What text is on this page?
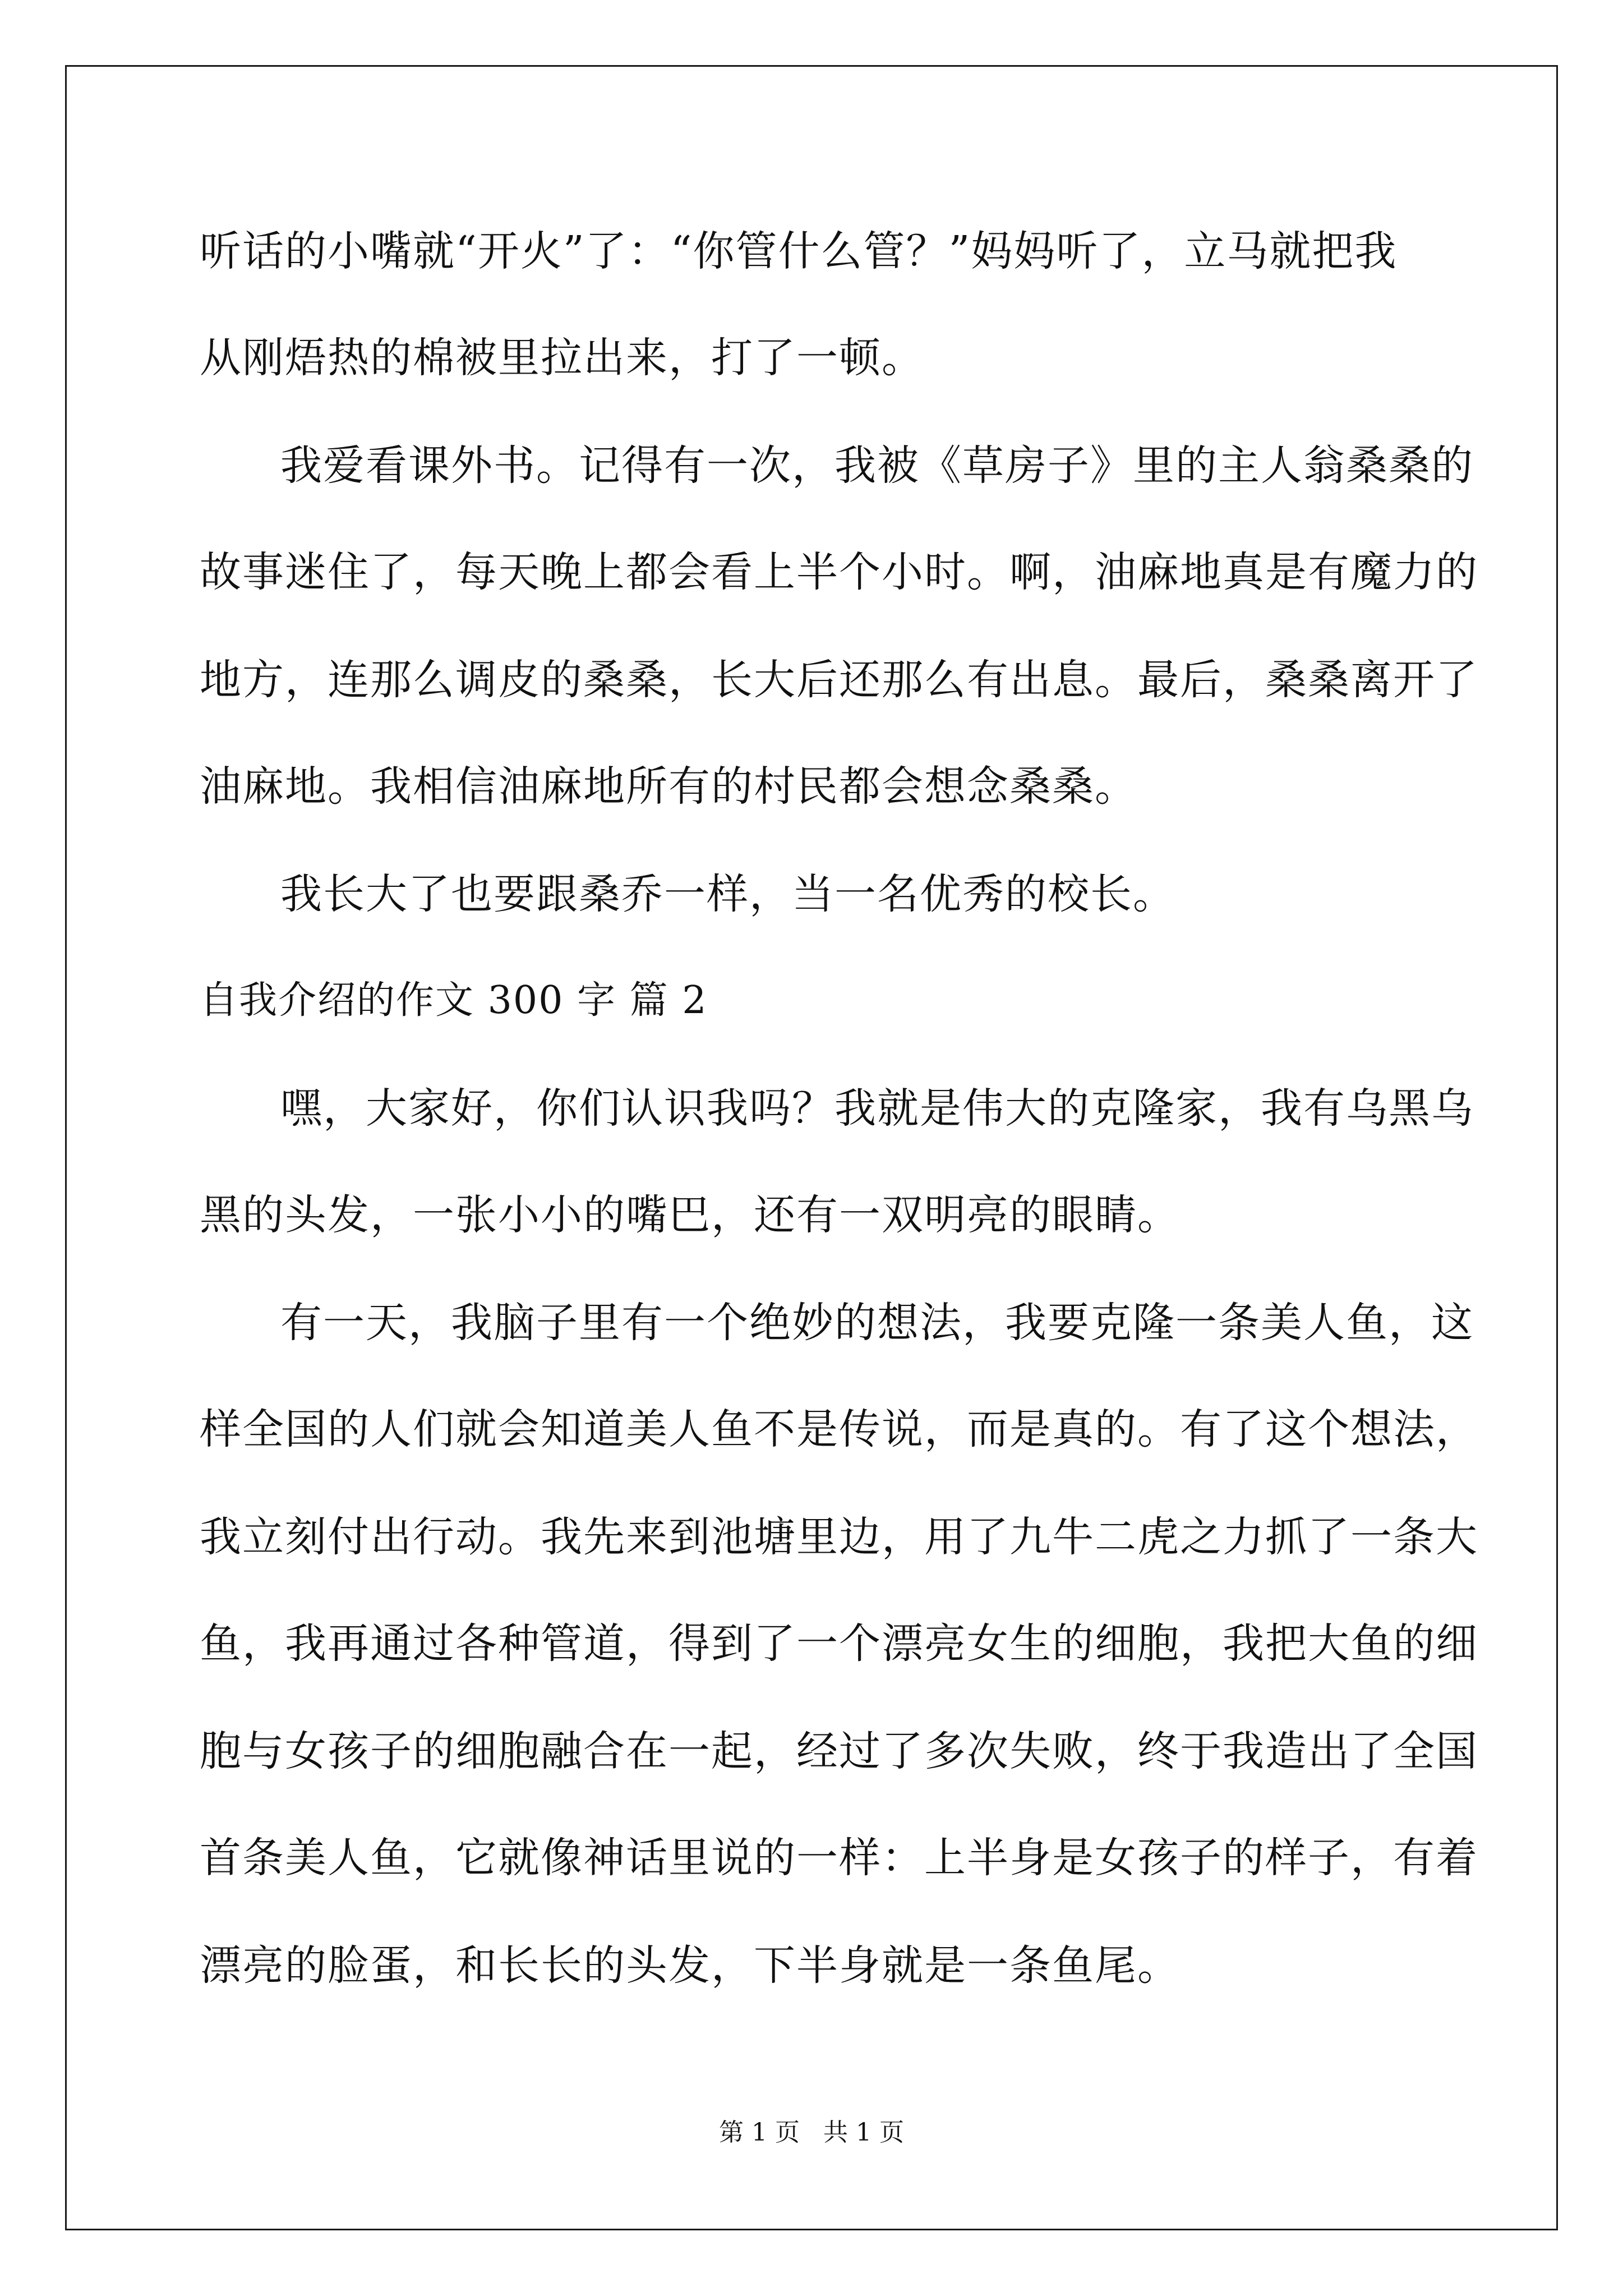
听话的小嘴就“开火”了：“你管什么管？”妈妈听了，立马就把我
从刚焐热的棉被里拉出来，打了一顿。
我爱看课外书。记得有一次，我被《草房子》里的主人翁桑桑的
故事迷住了，每天晚上都会看上半个小时。啊，油麻地真是有魔力的
地方，连那么调皮的桑桑，长大后还那么有出息。最后，桑桑离开了
油麻地。我相信油麻地所有的村民都会想念桑桑。
我长大了也要跟桑乔一样，当一名优秀的校长。
自我介绍的作文 300 字 篇 2
嘿，大家好，你们认识我吗？我就是伟大的克隆家，我有乌黑乌
黑的头发，一张小小的嘴巴，还有一双明亮的眼睛。
有一天，我脑子里有一个绝妙的想法，我要克隆一条美人鱼，这
样全国的人们就会知道美人鱼不是传说，而是真的。有了这个想法，
我立刻付出行动。我先来到池塘里边，用了九牛二虎之力抓了一条大
鱼，我再通过各种管道，得到了一个漂亮女生的细胞，我把大鱼的细
胞与女孩子的细胞融合在一起，经过了多次失败，终于我造出了全国
首条美人鱼，它就像神话里说的一样：上半身是女孩子的样子，有着
漂亮的脸蛋，和长长的头发，下半身就是一条鱼尾。
第 1 页   共 1 页
